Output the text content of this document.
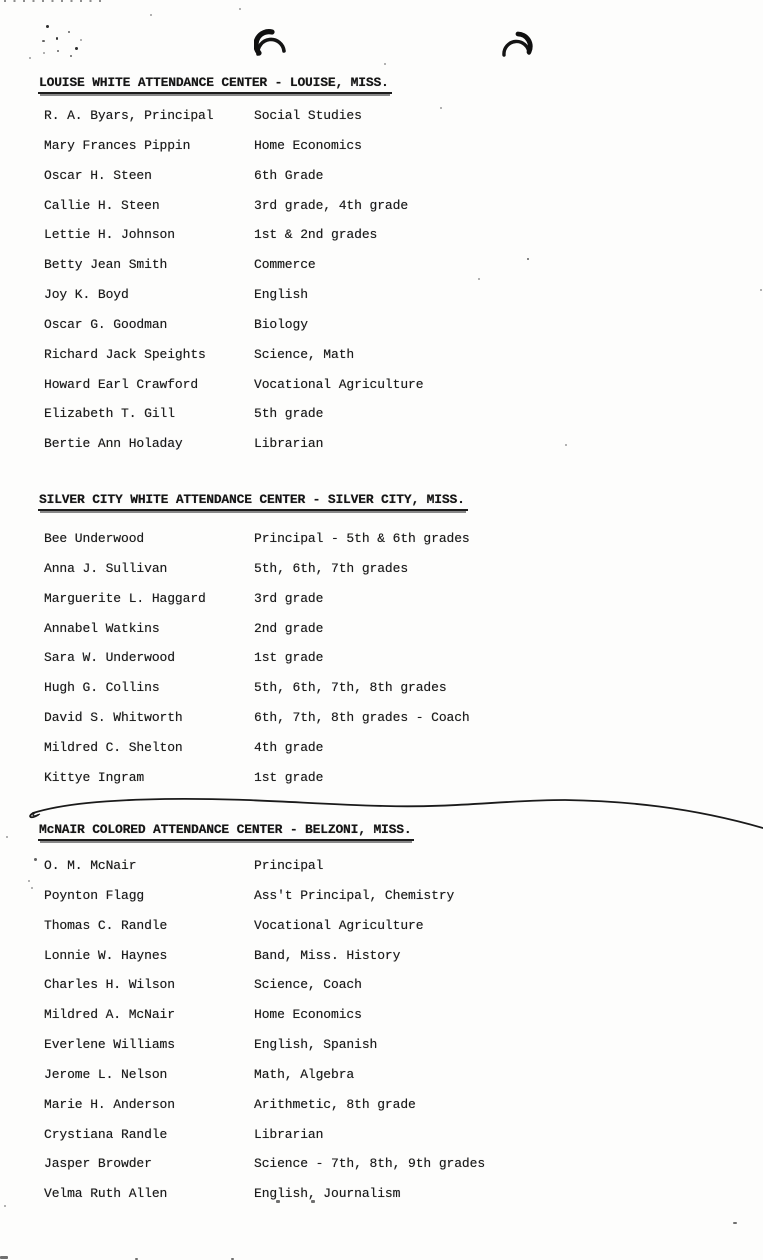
LOUISE WHITE ATTENDANCE CENTER - LOUISE, MISS.
R. A. Byars, Principal	Social Studies
Mary Frances Pippin	Home Economics
Oscar H. Steen	6th Grade
Callie H. Steen	3rd grade, 4th grade
Lettie H. Johnson	1st & 2nd grades
Betty Jean Smith	Commerce
Joy K. Boyd	English
Oscar G. Goodman	Biology
Richard Jack Speights	Science, Math
Howard Earl Crawford	Vocational Agriculture
Elizabeth T. Gill	5th grade
Bertie Ann Holaday	Librarian
SILVER CITY WHITE ATTENDANCE CENTER - SILVER CITY, MISS.
Bee Underwood	Principal - 5th & 6th grades
Anna J. Sullivan	5th, 6th, 7th grades
Marguerite L. Haggard	3rd grade
Annabel Watkins	2nd grade
Sara W. Underwood	1st grade
Hugh G. Collins	5th, 6th, 7th, 8th grades
David S. Whitworth	6th, 7th, 8th grades - Coach
Mildred C. Shelton	4th grade
Kittye Ingram	1st grade
McNAIR COLORED ATTENDANCE CENTER - BELZONI, MISS.
O. M. McNair	Principal
Poynton Flagg	Ass't Principal, Chemistry
Thomas C. Randle	Vocational Agriculture
Lonnie W. Haynes	Band, Miss. History
Charles H. Wilson	Science, Coach
Mildred A. McNair	Home Economics
Everlene Williams	English, Spanish
Jerome L. Nelson	Math, Algebra
Marie H. Anderson	Arithmetic, 8th grade
Crystiana Randle	Librarian
Jasper Browder	Science - 7th, 8th, 9th grades
Velma Ruth Allen	English, Journalism
